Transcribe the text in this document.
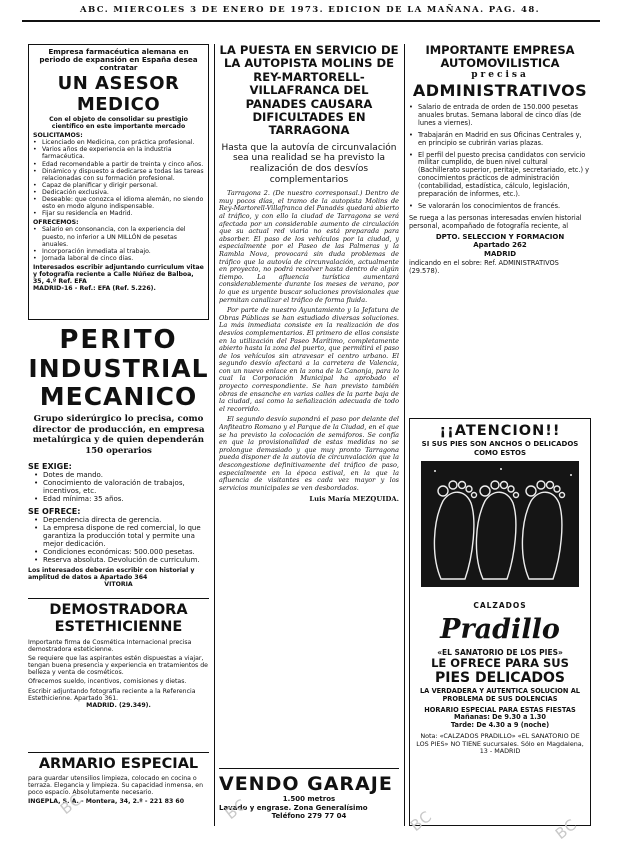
ABC. MIERCOLES 3 DE ENERO DE 1973. EDICION DE LA MAÑANA. PAG. 48.
Empresa farmacéutica alemana en periodo de expansión en España desea contratar
UN ASESOR MEDICO
Con el objeto de consolidar su prestigio científico en este importante mercado
SOLICITAMOS:
• Licenciado en Medicina, con práctica profesional.
• Varios años de experiencia en la industria farmacéutica.
• Edad recomendable a partir de treinta y cinco años.
• Dinámico y dispuesto a dedicarse a todas las tareas relacionadas con su formación profesional.
• Capaz de planificar y dirigir personal.
• Dedicación exclusiva.
• Deseable: que conozca el idioma alemán, no siendo esto en modo alguno indispensable.
• Fijar su residencia en Madrid.
OFRECEMOS:
• Salario en consonancia, con la experiencia del puesto, no inferior a UN MILLÓN de pesetas anuales.
• Incorporación inmediata al trabajo.
• Jornada laboral de cinco días.
Interesados escribir adjuntando curriculum vitae y fotografía reciente a Calle Núñez de Balboa, 35, 4.º Ref. EFA
MADRID-16 - Ref.: EFA (Ref. 5.226).
PERITO
INDUSTRIAL
MECANICO
Grupo siderúrgico lo precisa, como director de producción, en empresa metalúrgica y de quien dependerán 150 operarios
SE EXIGE:
• Dotes de mando.
• Conocimiento de valoración de trabajos, incentivos, etc.
• Edad mínima: 35 años.
SE OFRECE:
• Dependencia directa de gerencia.
• La empresa dispone de red comercial, lo que garantiza la producción total y permite una mejor dedicación.
• Condiciones económicas: 500.000 pesetas.
• Reserva absoluta. Devolución de curriculum.
Los interesados deberán escribir con historial y amplitud de datos a Apartado 364
VITORIA
DEMOSTRADORA
ESTETHICIENNE
Importante firma de Cosmética Internacional precisa demostradora esteticienne.
Se requiere que las aspirantes estén dispuestas a viajar, tengan buena presencia y experiencia en tratamientos de belleza y venta de cosméticos.
Ofrecemos sueldo, incentivos, comisiones y dietas.
Escribir adjuntando fotografía reciente a la Referencia Estethicienne. Apartado 361.
MADRID. (29.349).
ARMARIO ESPECIAL
para guardar utensilios limpieza, colocado en cocina o terraza. Elegancia y limpieza. Su capacidad inmensa, en poco espacio. Absolutamente necesario.
INGEPLA, S. A. - Montera, 34, 2.º - 221 83 60
LA PUESTA EN SERVICIO DE LA AUTOPISTA MOLINS DE REY-MARTORELL-VILLAFRANCA DEL PANADES CAUSARA DIFICULTADES EN TARRAGONA
Hasta que la autovía de circunvalación sea una realidad se ha previsto la realización de dos desvíos complementarios
Tarragona 2. (De nuestro corresponsal.) Dentro de muy pocos días, el tramo de la autopista Molins de Rey-Martorell-Villafranca del Panadés quedará abierto al tráfico, y con ello la ciudad de Tarragona se verá afectada por un considerable aumento de circulación que su actual red viaria no está preparada para absorber. El paso de los vehículos por la ciudad, y especialmente por el Paseo de las Palmeras y la Rambla Nova, provocará sin duda problemas de tráfico que la autovía de circunvalación, actualmente en proyecto, no podrá resolver hasta dentro de algún tiempo. La afluencia turística aumentará considerablemente durante los meses de verano, por lo que es urgente buscar soluciones provisionales que permitan canalizar el tráfico de forma fluida.
Por parte de nuestro Ayuntamiento y la Jefatura de Obras Públicas se han estudiado diversas soluciones. La más inmediata consiste en la realización de dos desvíos complementarios. El primero de ellos consiste en la utilización del Paseo Marítimo, completamente abierto hasta la zona del puerto, que permitirá el paso de los vehículos sin atravesar el centro urbano. El segundo desvío afectará a la carretera de Valencia, con un nuevo enlace en la zona de la Canonja, para lo cual la Corporación Municipal ha aprobado el proyecto correspondiente. Se han previsto también obras de ensanche en varias calles de la parte baja de la ciudad, así como la señalización adecuada de todo el recorrido.
El segundo desvío supondrá el paso por delante del Anfiteatro Romano y el Parque de la Ciudad, en el que se ha previsto la colocación de semáforos. Se confía en que la provisionalidad de estas medidas no se prolongue demasiado y que muy pronto Tarragona pueda disponer de la autovía de circunvalación que la descongestione definitivamente del tráfico de paso, especialmente en la época estival, en la que la afluencia de visitantes es cada vez mayor y los servicios municipales se ven desbordados.
Luis María MEZQUIDA.
VENDO GARAJE
1.500 metros
Lavado y engrase. Zona Generalísimo
Teléfono 279 77 04
IMPORTANTE EMPRESA
AUTOMOVILISTICA
precisa
ADMINISTRATIVOS
• Salario de entrada de orden de 150.000 pesetas anuales brutas. Semana laboral de cinco días (de lunes a viernes).
• Trabajarán en Madrid en sus Oficinas Centrales y, en principio se cubrirán varias plazas.
• El perfil del puesto precisa candidatos con servicio militar cumplido, de buen nivel cultural (Bachillerato superior, peritaje, secretariado, etc.) y conocimientos prácticos de administración (contabilidad, estadística, cálculo, legislación, preparación de informes, etc.).
• Se valorarán los conocimientos de francés.
Se ruega a las personas interesadas envíen historial personal, acompañado de fotografía reciente, al
DPTO. SELECCION Y FORMACION
Apartado 262
MADRID
indicando en el sobre: Ref. ADMINISTRATIVOS (29.578).
¡¡ATENCION!!
SI SUS PIES SON ANCHOS O DELICADOS COMO ESTOS
CALZADOS Pradillo
«EL SANATORIO DE LOS PIES»
LE OFRECE PARA SUS
PIES DELICADOS
LA VERDADERA Y AUTENTICA SOLUCION AL PROBLEMA DE SUS DOLENCIAS
HORARIO ESPECIAL PARA ESTAS FIESTAS
Mañanas: De 9.30 a 1.30
Tarde: De 4.30 a 9 (noche)
Nota: «CALZADOS PRADILLO» «EL SANATORIO DE LOS PIES» NO TIENE sucursales. Sólo en Magdalena, 13 - MADRID
BC	BC	BC	BC
